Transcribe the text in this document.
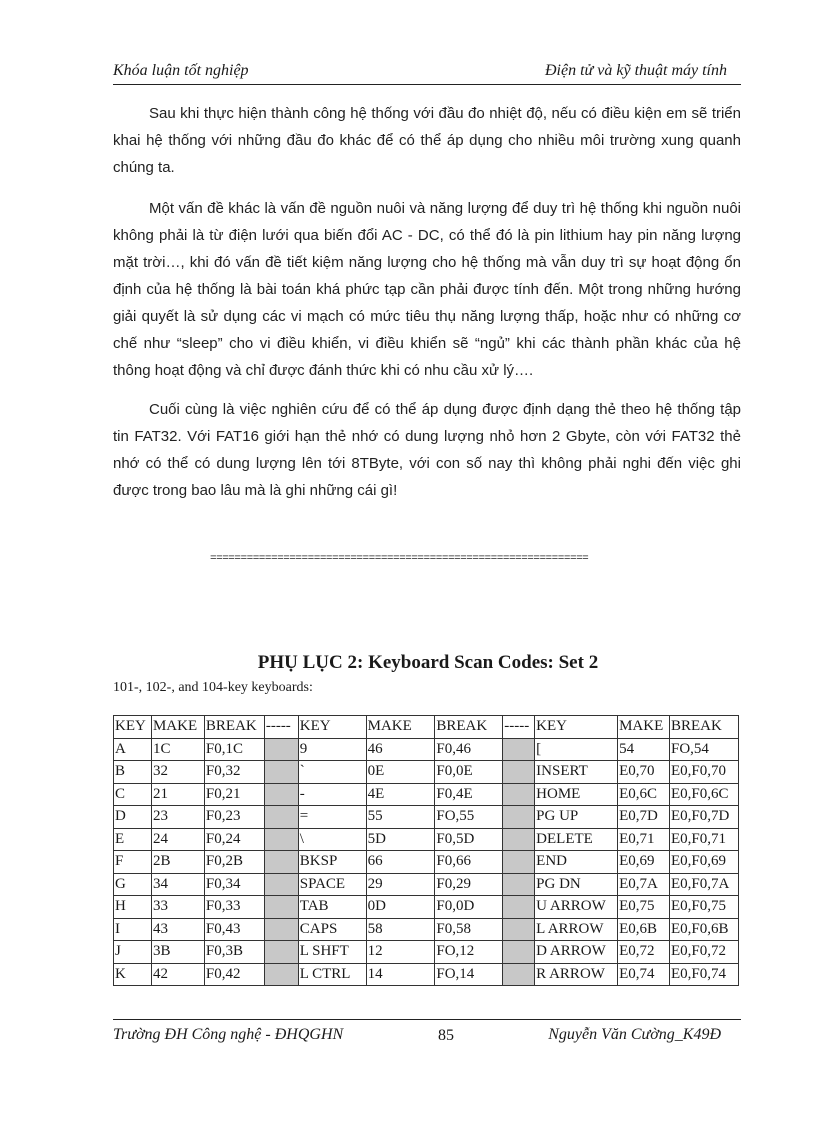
Khóa luận tốt nghiệp	Điện tử và kỹ thuật máy tính

Sau khi thực hiện thành công hệ thống với đầu đo nhiệt độ, nếu có điều kiện em sẽ triển khai hệ thống với những đầu đo khác để có thể áp dụng cho nhiều môi trường xung quanh chúng ta.

Một vấn đề khác là vấn đề nguồn nuôi và năng lượng để duy trì hệ thống khi nguồn nuôi không phải là từ điện lưới qua biến đổi AC - DC, có thể đó là pin lithium hay pin năng lượng mặt trời…, khi đó vấn đề tiết kiệm năng lượng cho hệ thống mà vẫn duy trì sự hoạt động ổn định của hệ thống là bài toán khá phức tạp cần phải được tính đến. Một trong những hướng giải quyết là sử dụng các vi mạch có mức tiêu thụ năng lượng thấp, hoặc như có những cơ chế như “sleep” cho vi điều khiển, vi điều khiển sẽ “ngủ” khi các thành phần khác của hệ thông hoạt động và chỉ được đánh thức khi có nhu cầu xử lý….

Cuối cùng là việc nghiên cứu để có thể áp dụng được định dạng thẻ theo hệ thống tập tin FAT32. Với FAT16 giới hạn thẻ nhớ có dung lượng nhỏ hơn 2 Gbyte, còn với FAT32 thẻ nhớ có thể có dung lượng lên tới 8TByte, với con số nay thì không phải nghi đến việc ghi được trong bao lâu mà là ghi những cái gì!

==============================================================
PHỤ LỤC 2: Keyboard Scan Codes: Set 2
101-, 102-, and 104-key keyboards:
KEY	MAKE	BREAK	-----	KEY	MAKE	BREAK	-----	KEY	MAKE	BREAK
A	1C	F0,1C		9	46	F0,46		[	54	FO,54
B	32	F0,32		`	0E	F0,0E		INSERT	E0,70	E0,F0,70
C	21	F0,21		-	4E	F0,4E		HOME	E0,6C	E0,F0,6C
D	23	F0,23		=	55	FO,55		PG UP	E0,7D	E0,F0,7D
E	24	F0,24		\	5D	F0,5D		DELETE	E0,71	E0,F0,71
F	2B	F0,2B		BKSP	66	F0,66		END	E0,69	E0,F0,69
G	34	F0,34		SPACE	29	F0,29		PG DN	E0,7A	E0,F0,7A
H	33	F0,33		TAB	0D	F0,0D		U ARROW	E0,75	E0,F0,75
I	43	F0,43		CAPS	58	F0,58		L ARROW	E0,6B	E0,F0,6B
J	3B	F0,3B		L SHFT	12	FO,12		D ARROW	E0,72	E0,F0,72
K	42	F0,42		L CTRL	14	FO,14		R ARROW	E0,74	E0,F0,74
Trường ĐH Công nghệ - ĐHQGHN	85	Nguyễn Văn Cường_K49Đ
